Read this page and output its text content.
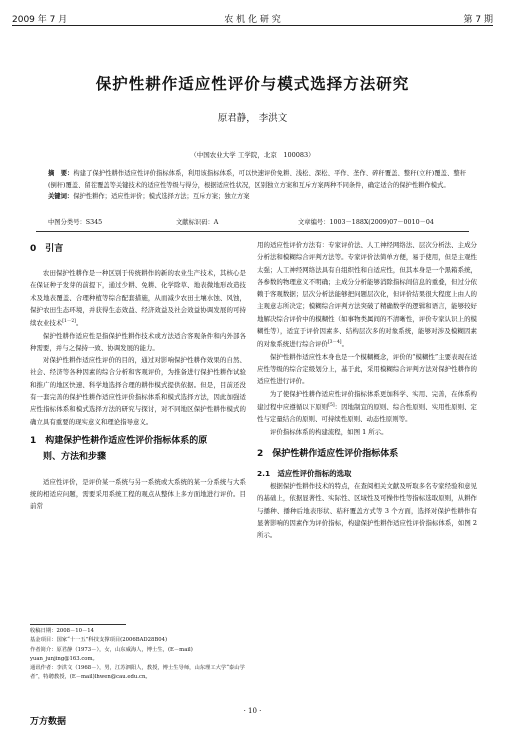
2009 年 7 月	农 机 化 研 究	第 7 期
保护性耕作适应性评价与模式选择方法研究
原君静， 李洪文
（中国农业大学 工学院，北京　100083）
摘　要：构建了保护性耕作适应性评价指标体系，利用该指标体系，可以快速评价免耕、浅松、深松、平作、垄作、碎秆覆盖、整秆(立秆)覆盖、整秆(倒秆)覆盖、留茬覆盖等关键技术的适应性等级与得分，根据适应性状况，区别独立方案和互斥方案两种不同条件，确定适合的保护性耕作模式。
关键词：保护性耕作；适应性评价；模式选择方法；互斥方案；独立方案
中图分类号：S345	文献标识码：A	文章编号：1003－188X(2009)07－0010－04
0　引言

农田保护性耕作是一种区别于传统耕作的新的农业生产技术，其核心是在保证种子发芽的前提下，通过少耕、免耕、化学除草、地表微地形改造技术及地表覆盖、合理种植等综合配套措施，从而减少农田土壤水蚀、风蚀，保护农田生态环境，并获得生态效益、经济效益及社会效益协调发展的可持续农业技术[1－2]。

保护性耕作适应性是指保护性耕作技术或方法适合客观条件和内外部各种需要，并与之保持一致、协调发展的能力。

对保护性耕作适应性评价的目的，通过对影响保护性耕作效果的自然、社会、经济等各种因素的综合分析和客观评价，为推备进行保护性耕作试验和推广的地区快速、科学地选择合理的耕作模式提供依据。但是，目前还没有一套完善的保护性耕作适应性评价指标体系和模式选择方法，因此加强适应性指标体系和模式选择方法的研究与探讨，对不同地区保护性耕作模式的确立具有重要的现实意义和理论指导意义。

1　构建保护性耕作适应性评价指标体系的原
则、方法和步骤

适应性评价，是评价某一系统与另一系统或大系统的某一分系统与大系统的相适应问题，需要采用系统工程的观点从整体上多方面地进行评价。目前常

收稿日期：2008－10－14

基金项目：国家“十一五”科技支撑项目(2006BAD28B04)

作者简介：原君静（1973－），女，山东威海人，博士生，(E－mail) yuan_junjing@163.com。

通讯作者：李洪文（1968－），男，江苏泗阳人，教授，博士生导师，山东理工大学“泰山学者”，特聘教授，(E－mail)lhwen@cau.edu.cn。

用的适应性评价方法有：专家评价法、人工神经网络法、层次分析法、主成分分析法和模糊综合评判方法等。专家评价法简单方便，易于使用，但是主观性太强；人工神经网络法具有自组织性和自适应性，但其本身是一个黑箱系统，各参数的物理意义不明确；主成分分析能够消除指标间信息的重叠，但过分依赖于客观数据；层次分析法能够把问题层次化，但评价结果很大程度上由人的主观意志所决定；模糊综合评判方法突破了精确数学的逻辑和语言，能够较好地解决综合评价中的模糊性（如事物类属间的不清晰性，评价专家认识上的模糊性等），适宜于评价因素多、结构层次多的对象系统，能够对涉及模糊因素的对象系统进行综合评价[3－4]。

保护性耕作适应性本身也是一个模糊概念，评价的“模糊性”主要表现在适应性等级的综合定级划分上，基于此，采用模糊综合评判方法对保护性耕作的适应性进行评价。

为了使保护性耕作适应性评价指标体系更加科学、实用、完善，在体系构建过程中应遵循以下原则[5]：因地制宜的原则、综合性原则、实用性原则、定性与定量结合的原则、可持续性原则、动态性原则等。

评价指标体系的构建流程，如图 1 所示。

2　保护性耕作适应性评价指标体系
2.1　适应性评价指标的选取

根据保护性耕作技术的特点，在查阅相关文献及听取多名专家经验和意见的基础上，依据显著性、实际性、区域性及可操作性等指标选取原则，从耕作与播种、播种后地表形状、秸秆覆盖方式等 3 个方面，选择对保护性耕作有显著影响的因素作为评价指标，构建保护性耕作适应性评价指标体系，如图 2 所示。

· 10 ·
万方数据
